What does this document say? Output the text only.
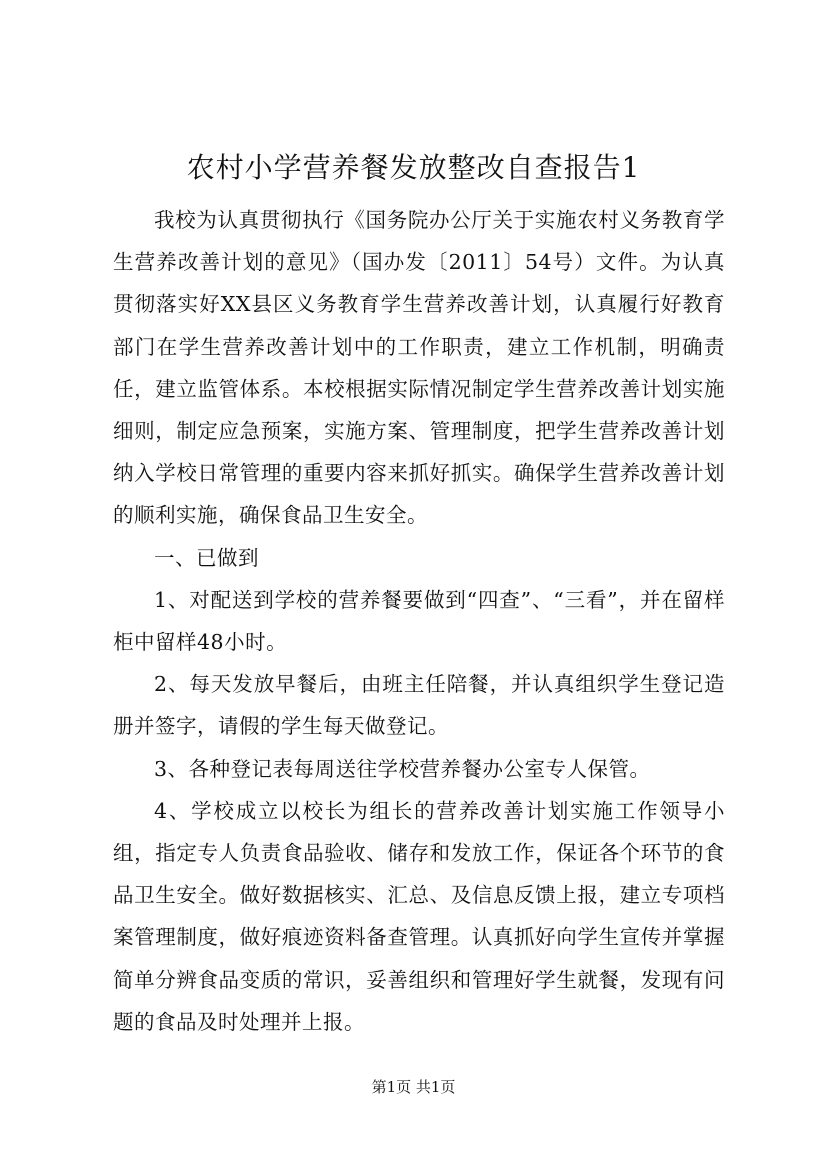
农村小学营养餐发放整改自查报告1

我校为认真贯彻执行《国务院办公厅关于实施农村义务教育学生营养改善计划的意见》（国办发〔2011〕54号）文件。为认真贯彻落实好XX县区义务教育学生营养改善计划，认真履行好教育部门在学生营养改善计划中的工作职责，建立工作机制，明确责任，建立监管体系。本校根据实际情况制定学生营养改善计划实施细则，制定应急预案，实施方案、管理制度，把学生营养改善计划纳入学校日常管理的重要内容来抓好抓实。确保学生营养改善计划的顺利实施，确保食品卫生安全。

一、已做到

1、对配送到学校的营养餐要做到“四查”、“三看”，并在留样柜中留样48小时。

2、每天发放早餐后，由班主任陪餐，并认真组织学生登记造册并签字，请假的学生每天做登记。

3、各种登记表每周送往学校营养餐办公室专人保管。

4、学校成立以校长为组长的营养改善计划实施工作领导小组，指定专人负责食品验收、储存和发放工作，保证各个环节的食品卫生安全。做好数据核实、汇总、及信息反馈上报，建立专项档案管理制度，做好痕迹资料备查管理。认真抓好向学生宣传并掌握简单分辨食品变质的常识，妥善组织和管理好学生就餐，发现有问题的食品及时处理并上报。

第1页 共1页
